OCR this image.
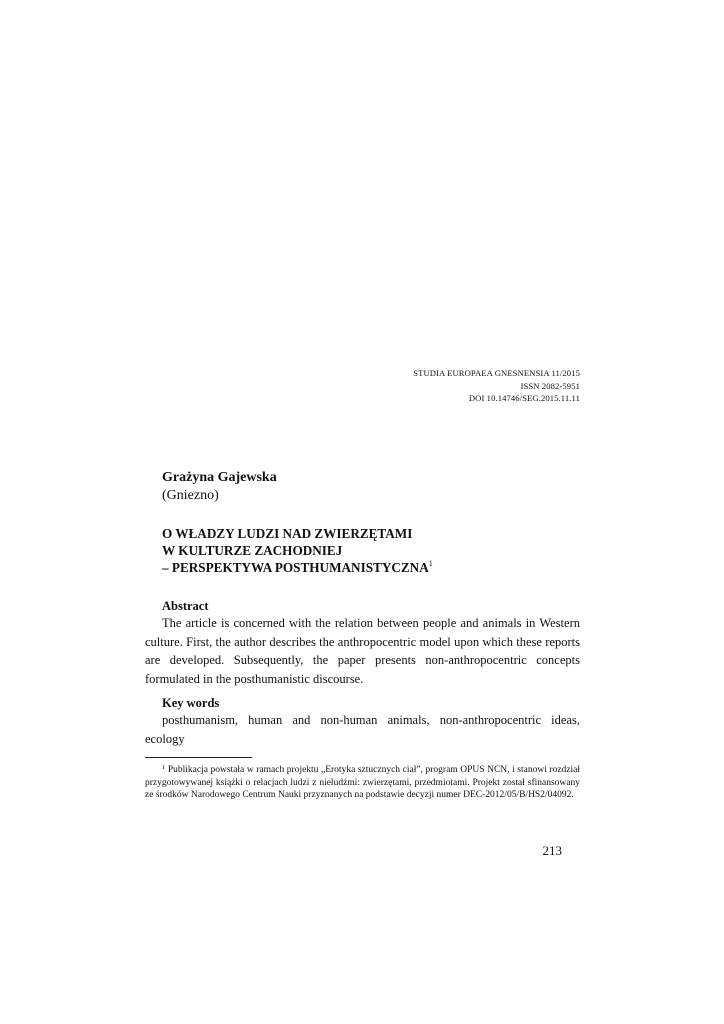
STUDIA EUROPAEA GNESNENSIA 11/2015
ISSN 2082-5951
DOI 10.14746/SEG.2015.11.11
Grażyna Gajewska
(Gniezno)
O WŁADZY LUDZI NAD ZWIERZĘTAMI
W KULTURZE ZACHODNIEJ
– PERSPEKTYWA POSTHUMANISTYCZNA$^1$
Abstract

The article is concerned with the relation between people and animals in Western culture. First, the author describes the anthropocentric model upon which these reports are developed. Subsequently, the paper presents non-anthropocentric concepts formulated in the posthumanistic discourse.

Key words

posthumanism, human and non-human animals, non-anthropocentric ideas, ecology

$^1$ Publikacja powstała w ramach projektu „Erotyka sztucznych ciał”, program OPUS NCN, i stanowi rozdział przygotowywanej książki o relacjach ludzi z nieludźmi: zwierzętami, przedmiotami. Projekt został sfinansowany ze środków Narodowego Centrum Nauki przyznanych na podstawie decyzji numer DEC-2012/05/B/HS2/04092.

213
